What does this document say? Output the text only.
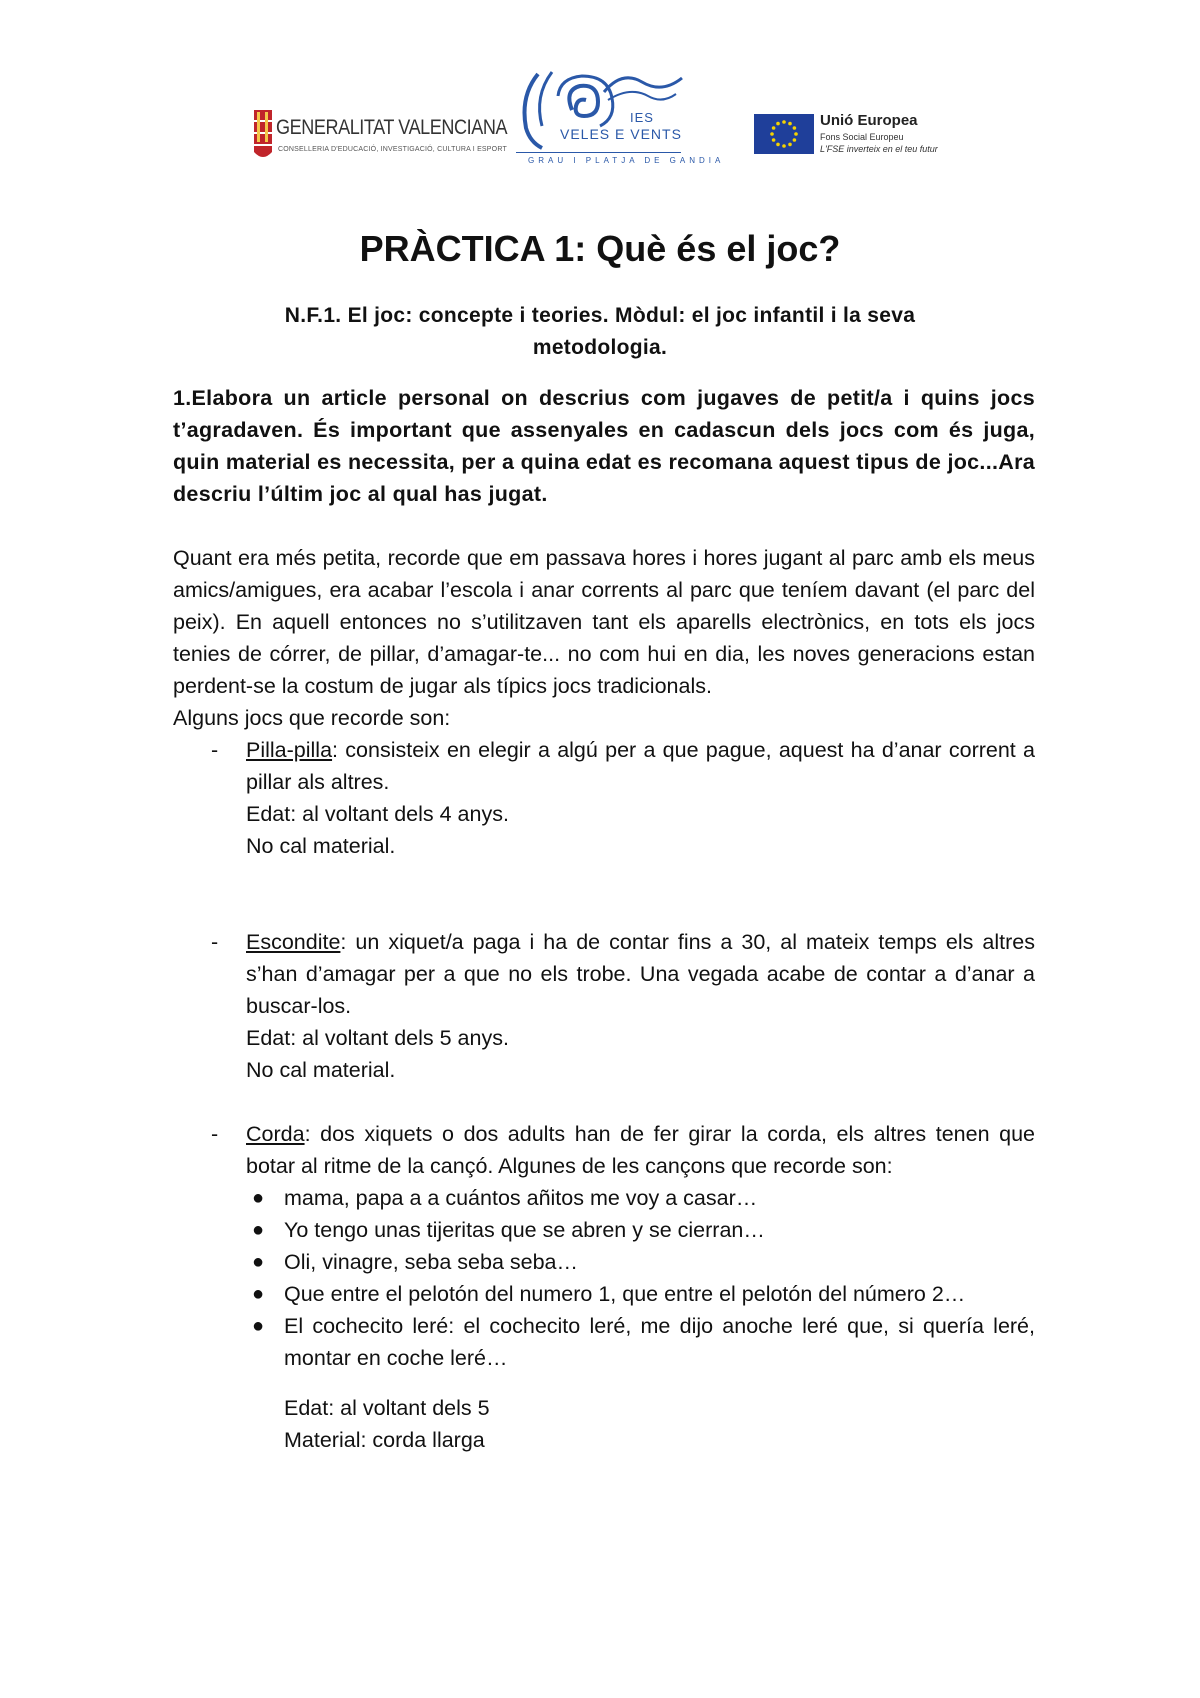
GENERALITAT VALENCIANA
CONSELLERIA D'EDUCACIÓ, INVESTIGACIÓ, CULTURA I ESPORT
IES
VELES E VENTS
GRAU I PLATJA DE GANDIA
Unió Europea
Fons Social Europeu
L'FSE inverteix en el teu futur
PRÀCTICA 1: Què és el joc?

N.F.1. El joc: concepte i teories. Mòdul: el joc infantil i la seva metodologia.

1.Elabora un article personal on descrius com jugaves de petit/a i quins jocs t’agradaven. És important que assenyales en cadascun dels jocs com és juga, quin material es necessita, per a quina edat es recomana aquest tipus de joc...Ara descriu l’últim joc al qual has jugat.

Quant era més petita, recorde que em passava hores i hores jugant al parc amb els meus amics/amigues, era acabar l’escola i anar corrents al parc que teníem davant (el parc del peix). En aquell entonces no s’utilitzaven tant els aparells electrònics, en tots els jocs tenies de córrer, de pillar, d’amagar-te... no com hui en dia, les noves generacions estan perdent-se la costum de jugar als típics jocs tradicionals.

Alguns jocs que recorde son:

- Pilla-pilla: consisteix en elegir a algú per a que pague, aquest ha d’anar corrent a pillar als altres.
Edat: al voltant dels 4 anys.
No cal material.
- Escondite: un xiquet/a paga i ha de contar fins a 30, al mateix temps els altres s’han d’amagar per a que no els trobe. Una vegada acabe de contar a d’anar a buscar-los.
Edat: al voltant dels 5 anys.
No cal material.
- Corda: dos xiquets o dos adults han de fer girar la corda, els altres tenen que botar al ritme de la cançó. Algunes de les cançons que recorde son:
● mama, papa a a cuántos añitos me voy a casar…
● Yo tengo unas tijeritas que se abren y se cierran…
● Oli, vinagre, seba seba seba…
● Que entre el pelotón del numero 1, que entre el pelotón del número 2…
● El cochecito leré: el cochecito leré, me dijo anoche leré que, si quería leré, montar en coche leré…
Edat: al voltant dels 5
Material: corda llarga
